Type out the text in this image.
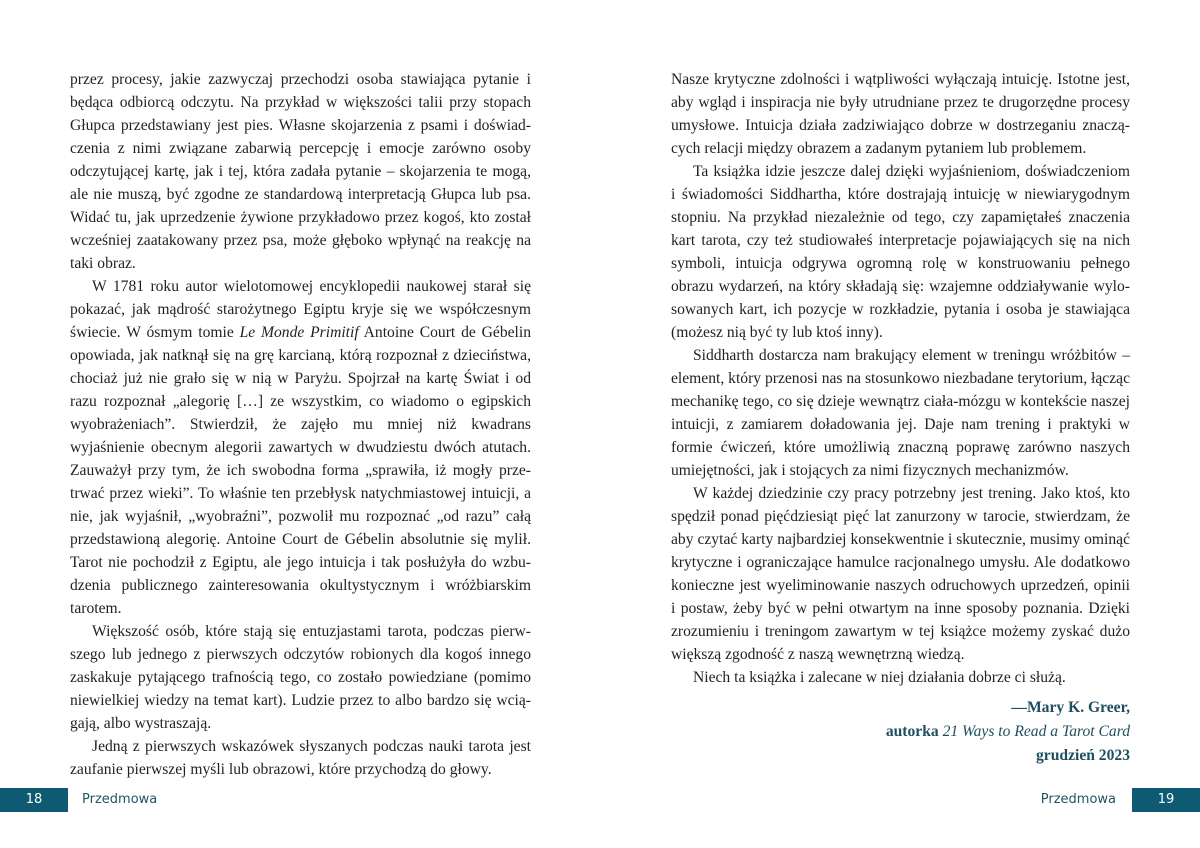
przez procesy, jakie zazwyczaj przechodzi osoba stawiająca pytanie i będąca odbiorcą odczytu. Na przykład w większości talii przy stopach Głupca przedstawiany jest pies. Własne skojarzenia z psami i doświadczenia z nimi związane zabarwią percepcję i emocje zarówno osoby odczytującej kartę, jak i tej, która zadała pytanie – skojarzenia te mogą, ale nie muszą, być zgodne ze standardową interpretacją Głupca lub psa. Widać tu, jak uprzedzenie żywione przykładowo przez kogoś, kto został wcześniej zaatakowany przez psa, może głęboko wpłynąć na reakcję na taki obraz.

W 1781 roku autor wielotomowej encyklopedii naukowej starał się pokazać, jak mądrość starożytnego Egiptu kryje się we współczesnym świecie. W ósmym tomie Le Monde Primitif Antoine Court de Gébelin opowiada, jak natknął się na grę karcianą, którą rozpoznał z dzieciństwa, chociaż już nie grało się w nią w Paryżu. Spojrzał na kartę Świat i od razu rozpoznał „alegorię […] ze wszystkim, co wiadomo o egipskich wyobrażeniach”. Stwierdził, że zajęło mu mniej niż kwadrans wyjaśnienie obecnym alegorii zawartych w dwudziestu dwóch atutach. Zauważył przy tym, że ich swobodna forma „sprawiła, iż mogły przetrwać przez wieki”. To właśnie ten przebłysk natychmiastowej intuicji, a nie, jak wyjaśnił, „wyobraźni”, pozwolił mu rozpoznać „od razu” całą przedstawioną alegorię. Antoine Court de Gébelin absolutnie się mylił. Tarot nie pochodził z Egiptu, ale jego intuicja i tak posłużyła do wzbudzenia publicznego zainteresowania okultystycznym i wróżbiarskim tarotem.

Większość osób, które stają się entuzjastami tarota, podczas pierwszego lub jednego z pierwszych odczytów robionych dla kogoś innego zaskakuje pytającego trafnością tego, co zostało powiedziane (pomimo niewielkiej wiedzy na temat kart). Ludzie przez to albo bardzo się wciągają, albo wystraszają.

Jedną z pierwszych wskazówek słyszanych podczas nauki tarota jest zaufanie pierwszej myśli lub obrazowi, które przychodzą do głowy.

18	Przedmowa

Nasze krytyczne zdolności i wątpliwości wyłączają intuicję. Istotne jest, aby wgląd i inspiracja nie były utrudniane przez te drugorzędne procesy umysłowe. Intuicja działa zadziwiająco dobrze w dostrzeganiu znaczących relacji między obrazem a zadanym pytaniem lub problemem.

Ta książka idzie jeszcze dalej dzięki wyjaśnieniom, doświadczeniom i świadomości Siddhartha, które dostrajają intuicję w niewiarygodnym stopniu. Na przykład niezależnie od tego, czy zapamiętałeś znaczenia kart tarota, czy też studiowałeś interpretacje pojawiających się na nich symboli, intuicja odgrywa ogromną rolę w konstruowaniu pełnego obrazu wydarzeń, na który składają się: wzajemne oddziaływanie wylosowanych kart, ich pozycje w rozkładzie, pytania i osoba je stawiająca (możesz nią być ty lub ktoś inny).

Siddharth dostarcza nam brakujący element w treningu wróżbitów – element, który przenosi nas na stosunkowo niezbadane terytorium, łącząc mechanikę tego, co się dzieje wewnątrz ciała-mózgu w kontekście naszej intuicji, z zamiarem doładowania jej. Daje nam trening i praktyki w formie ćwiczeń, które umożliwią znaczną poprawę zarówno naszych umiejętności, jak i stojących za nimi fizycznych mechanizmów.

W każdej dziedzinie czy pracy potrzebny jest trening. Jako ktoś, kto spędził ponad pięćdziesiąt pięć lat zanurzony w tarocie, stwierdzam, że aby czytać karty najbardziej konsekwentnie i skutecznie, musimy ominąć krytyczne i ograniczające hamulce racjonalnego umysłu. Ale dodatkowo konieczne jest wyeliminowanie naszych odruchowych uprzedzeń, opinii i postaw, żeby być w pełni otwartym na inne sposoby poznania. Dzięki zrozumieniu i treningom zawartym w tej książce możemy zyskać dużo większą zgodność z naszą wewnętrzną wiedzą.

Niech ta książka i zalecane w niej działania dobrze ci służą.

—Mary K. Greer,
autorka 21 Ways to Read a Tarot Card
grudzień 2023
Przedmowa	19
